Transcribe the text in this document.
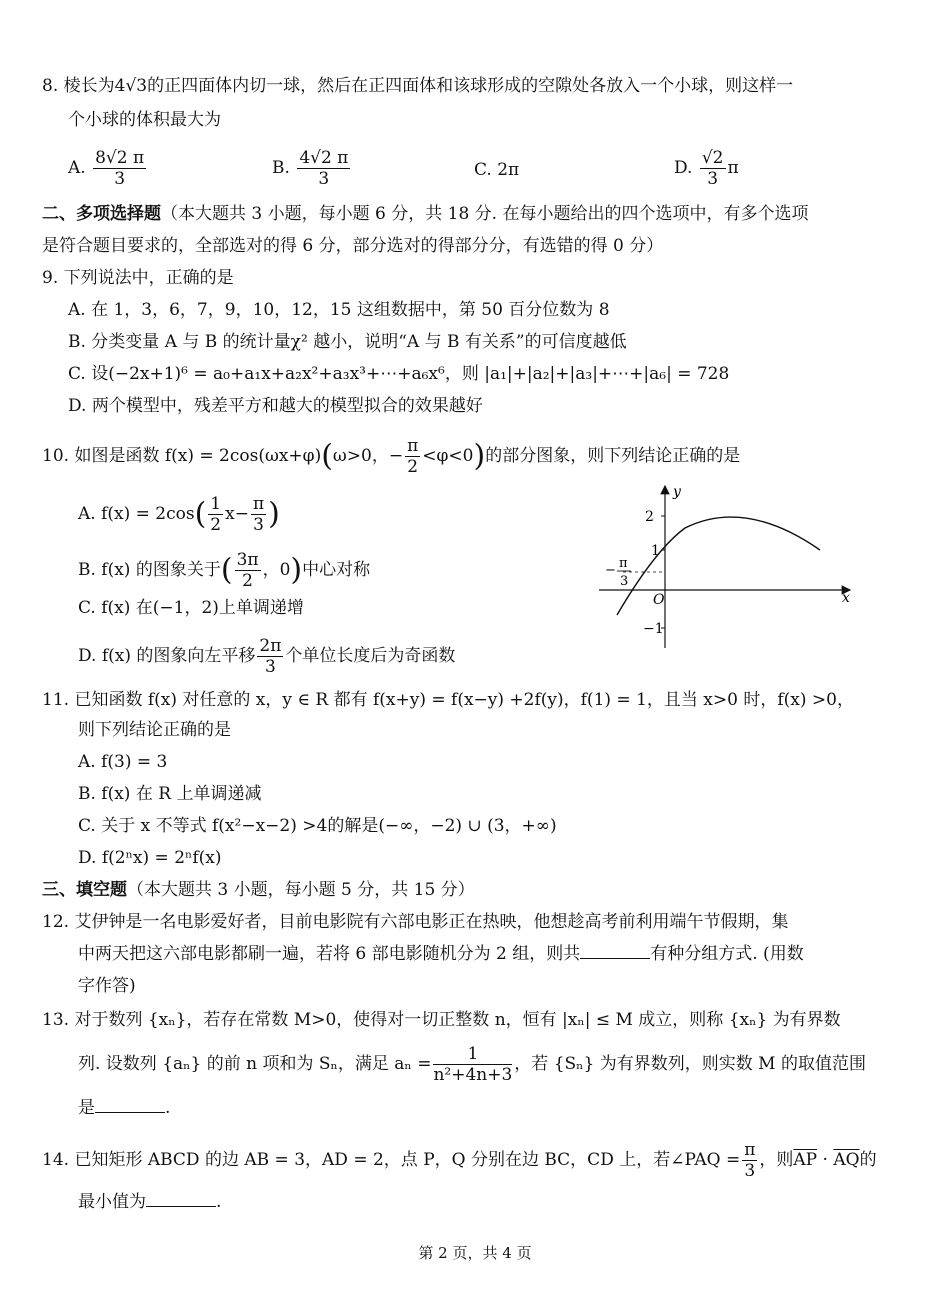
8. 棱长为4√3的正四面体内切一球，然后在正四面体和该球形成的空隙处各放入一个小球，则这样一
个小球的体积最大为
A. $\frac{8√2 \pi}{3}$	B. $\frac{4√2 \pi}{3}$	C. 2π	D. $\frac{√2}{3}$ π
二、多项选择题（本大题共 3 小题，每小题 6 分，共 18 分. 在每小题给出的四个选项中，有多个选项
是符合题目要求的，全部选对的得 6 分，部分选对的得部分分，有选错的得 0 分）
9. 下列说法中，正确的是
A. 在 1，3，6，7，9，10，12，15 这组数据中，第 50 百分位数为 8
B. 分类变量 A 与 B 的统计量χ² 越小，说明“A 与 B 有关系”的可信度越低
C. 设(−2x+1)⁶ = a₀+a₁x+a₂x²+a₃x³+⋯+a₆x⁶，则 |a₁|+|a₂|+|a₃|+⋯+|a₆| = 728
D. 两个模型中，残差平方和越大的模型拟合的效果越好
10. 如图是函数 f(x) = 2cos(ωx+φ)(ω>0，− $\frac{\pi}{2} <\varphi<0$)的部分图象，则下列结论正确的是
A. $f(x) = 2\cos( \frac{1}{2} x- \frac{\pi}{3}$ )
B. f(x) 的图象关于( $\frac{3\pi}{2}$ ，0)中心对称
C. f(x) 在(−1，2)上单调递增
D. f(x) 的图象向左平移 $\frac{2\pi}{3}$ 个单位长度后为奇函数
y
x
O
2
1
−1
− π
3
11. 已知函数 f(x) 对任意的 x，y ∈ R 都有 f(x+y) = f(x−y) +2f(y)，f(1) = 1，且当 x>0 时，f(x) >0，
则下列结论正确的是
A. f(3) = 3
B. f(x) 在 R 上单调递减
C. 关于 x 不等式 f(x²−x−2) >4的解是(−∞，−2) ∪ (3，+∞)
D. f(2ⁿx) = 2ⁿf(x)
三、填空题（本大题共 3 小题，每小题 5 分，共 15 分）
12. 艾伊钟是一名电影爱好者，目前电影院有六部电影正在热映，他想趁高考前利用端午节假期，集
中两天把这六部电影都刷一遍，若将 6 部电影随机分为 2 组，则共	有种分组方式. (用数
字作答)
13. 对于数列 {xₙ}，若存在常数 M>0，使得对一切正整数 n，恒有 |xₙ| ≤ M 成立，则称 {xₙ} 为有界数
列. 设数列 {aₙ} 的前 n 项和为 Sₙ，满足 $a_n = \frac{1}{\text{n²+4n+3}}$ ，若 {Sₙ} 为有界数列，则实数 M 的取值范围
是	.
14. 已知矩形 ABCD 的边 AB = 3，AD = 2，点 P，Q 分别在边 BC，CD 上，若∠PAQ = $\frac{\pi}{3}$ ，则$\overline{AP} \cdot \overline{AQ}$的
最小值为	.
第 2 页，共 4 页
